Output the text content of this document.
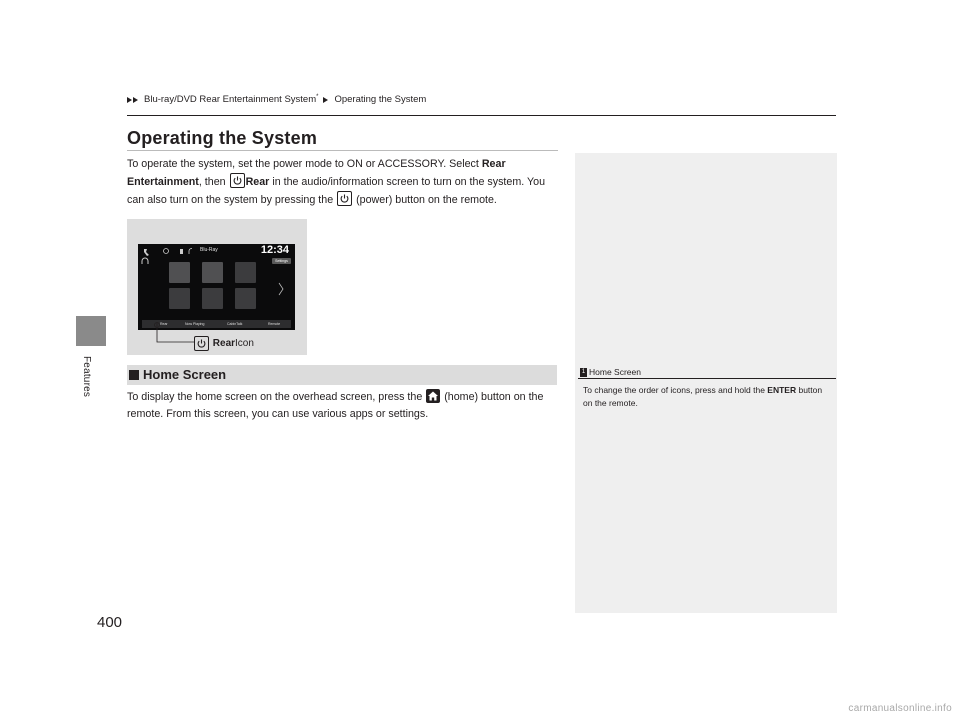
Features
Blu-ray/DVD Rear Entertainment System* Operating the System
Operating the System
To operate the system, set the power mode to ON or ACCESSORY. Select Rear Entertainment, then
Rear in the audio/information screen to turn on the system. You can also turn on the system by pressing the
(power) button on the remote.
Blu-Ray	12:34
Settings
Rear	Now Playing	CabinTalk	Remote

Rear Icon
1 Home Screen
To change the order of icons, press and hold the ENTER button on the remote.
Home Screen
To display the home screen on the overhead screen, press the
(home) button on the remote. From this screen, you can use various apps or settings.
400
carmanualsonline.info
